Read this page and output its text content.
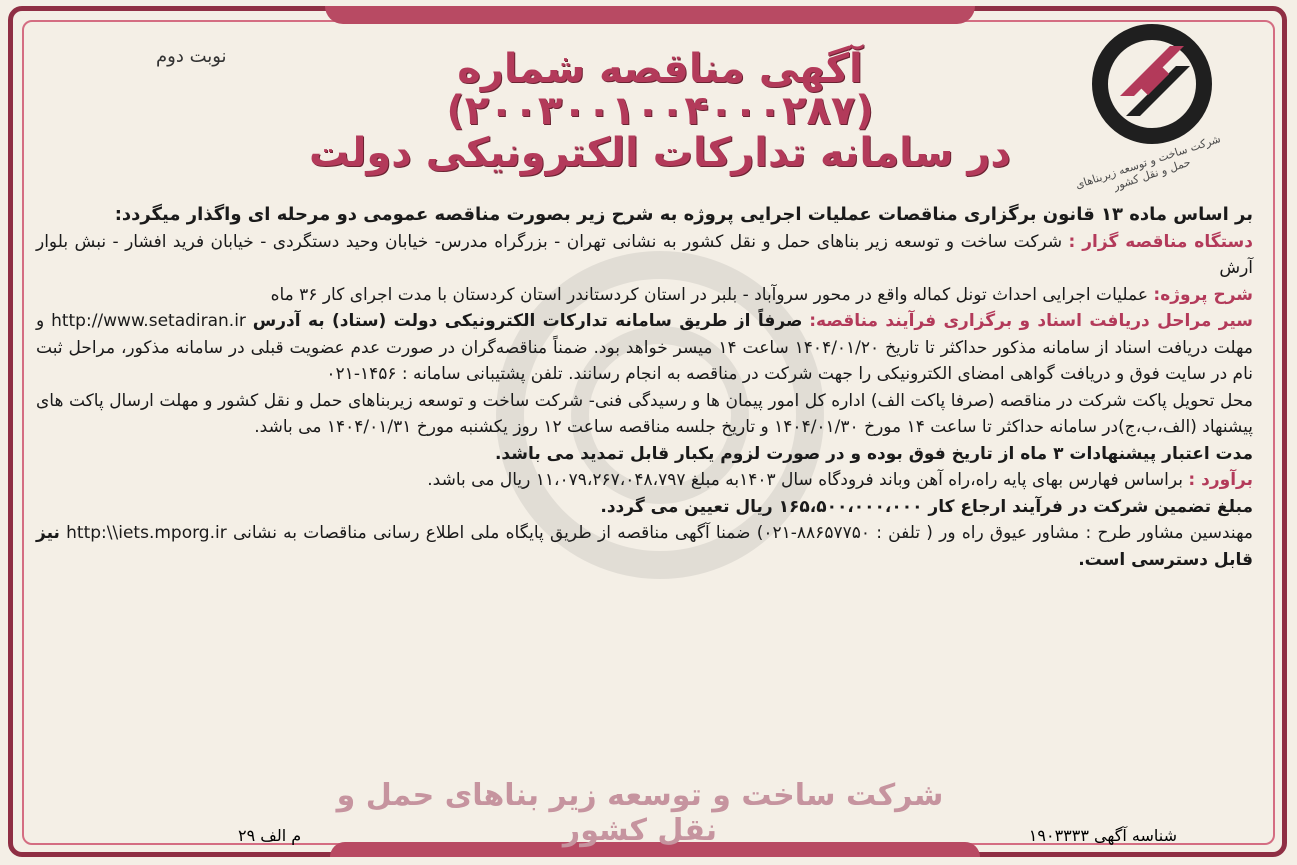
نوبت دوم	آگهی مناقصه شماره (۲۰۰۳۰۰۱۰۰۴۰۰۰۲۸۷)
در سامانه تدارکات الکترونیکی دولت	شرکت ساخت و توسعه زیربناهای حمل و نقل کشور

بر اساس ماده ۱۳ قانون برگزاری مناقصات عملیات اجرایی پروژه به شرح زیر بصورت مناقصه عمومی دو مرحله ای واگذار میگردد:

دستگاه مناقصه گزار : شرکت ساخت و توسعه زیر بناهای حمل و نقل کشور به نشانی تهران - بزرگراه مدرس- خیابان وحید دستگردی - خیابان فرید افشار - نبش بلوار آرش

شرح پروژه: عملیات اجرایی احداث تونل کماله واقع در محور سروآباد - بلبر در استان کردستاندر استان کردستان با مدت اجرای کار ۳۶ ماه

سیر مراحل دریافت اسناد و برگزاری فرآیند مناقصه: صرفاً از طریق سامانه تدارکات الکترونیکی دولت (ستاد) به آدرس http://www.setadiran.ir و مهلت دریافت اسناد از سامانه مذکور حداکثر تا تاریخ ۱۴۰۴/۰۱/۲۰ ساعت ۱۴ میسر خواهد بود. ضمناً مناقصه‌گران در صورت عدم عضویت قبلی در سامانه مذکور، مراحل ثبت نام در سایت فوق و دریافت گواهی امضای الکترونیکی را جهت شرکت در مناقصه به انجام رسانند. تلفن پشتیبانی سامانه : ۱۴۵۶-۰۲۱

محل تحویل پاکت شرکت در مناقصه (صرفا پاکت الف) اداره کل امور پیمان ها و رسیدگی فنی- شرکت ساخت و توسعه زیربناهای حمل و نقل کشور و مهلت ارسال پاکت های پیشنهاد (الف،ب،ج)در سامانه حداکثر تا ساعت ۱۴ مورخ ۱۴۰۴/۰۱/۳۰ و تاریخ جلسه مناقصه ساعت ۱۲ روز یکشنبه مورخ ۱۴۰۴/۰۱/۳۱ می باشد.

مدت اعتبار پیشنهادات ۳ ماه از تاریخ فوق بوده و در صورت لزوم یکبار قابل تمدید می باشد.

برآورد : براساس فهارس بهای پایه راه،راه آهن وباند فرودگاه سال ۱۴۰۳به مبلغ ۱۱،۰۷۹،۲۶۷،۰۴۸،۷۹۷ ریال می باشد.

مبلغ تضمین شرکت در فرآیند ارجاع کار ۱۶۵،۵۰۰،۰۰۰،۰۰۰ ریال تعیین می گردد.

مهندسین مشاور طرح : مشاور عیوق راه ور ( تلفن : ۸۸۶۵۷۷۵۰-۰۲۱) ضمنا آگهی مناقصه از طریق پایگاه ملی اطلاع رسانی مناقصات به نشانی http:\\iets.mporg.ir نیز قابل دسترسی است.

شرکت ساخت و توسعه زیر بناهای حمل و نقل کشور	شناسه آگهی ۱۹۰۳۳۳۳
م الف ۲۹
